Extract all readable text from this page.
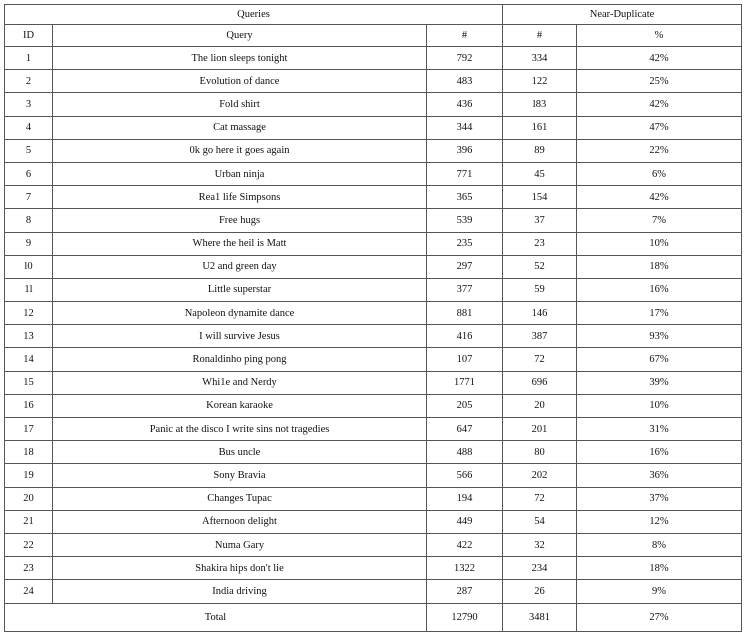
Queries			Near-Duplicate	
ID	Query	#	#	%
1	The lion sleeps tonight	792	334	42%
2	Evolution of dance	483	122	25%
3	Fold shirt	436	l83	42%
4	Cat massage	344	161	47%
5	0k go here it goes again	396	89	22%
6	Urban ninja	771	45	6%
7	Rea1 life Simpsons	365	154	42%
8	Free hugs	539	37	7%
9	Where the heil is Matt	235	23	10%
l0	U2 and green day	297	52	18%
1l	Little superstar	377	59	16%
12	Napoleon dynamite dance	881	146	17%
13	I will survive Jesus	416	387	93%
14	Ronaldinho ping pong	107	72	67%
15	Whi1e and Nerdy	1771	696	39%
16	Korean karaoke	205	20	10%
17	Panic at the disco I write sins not tragedies	647	201	31%
18	Bus uncle	488	80	16%
19	Sony Bravia	566	202	36%
20	Changes Tupac	194	72	37%
21	Afternoon delight	449	54	12%
22	Numa Gary	422	32	8%
23	Shakira hips don't lie	1322	234	18%
24	India driving	287	26	9%
Total		12790	3481	27%
